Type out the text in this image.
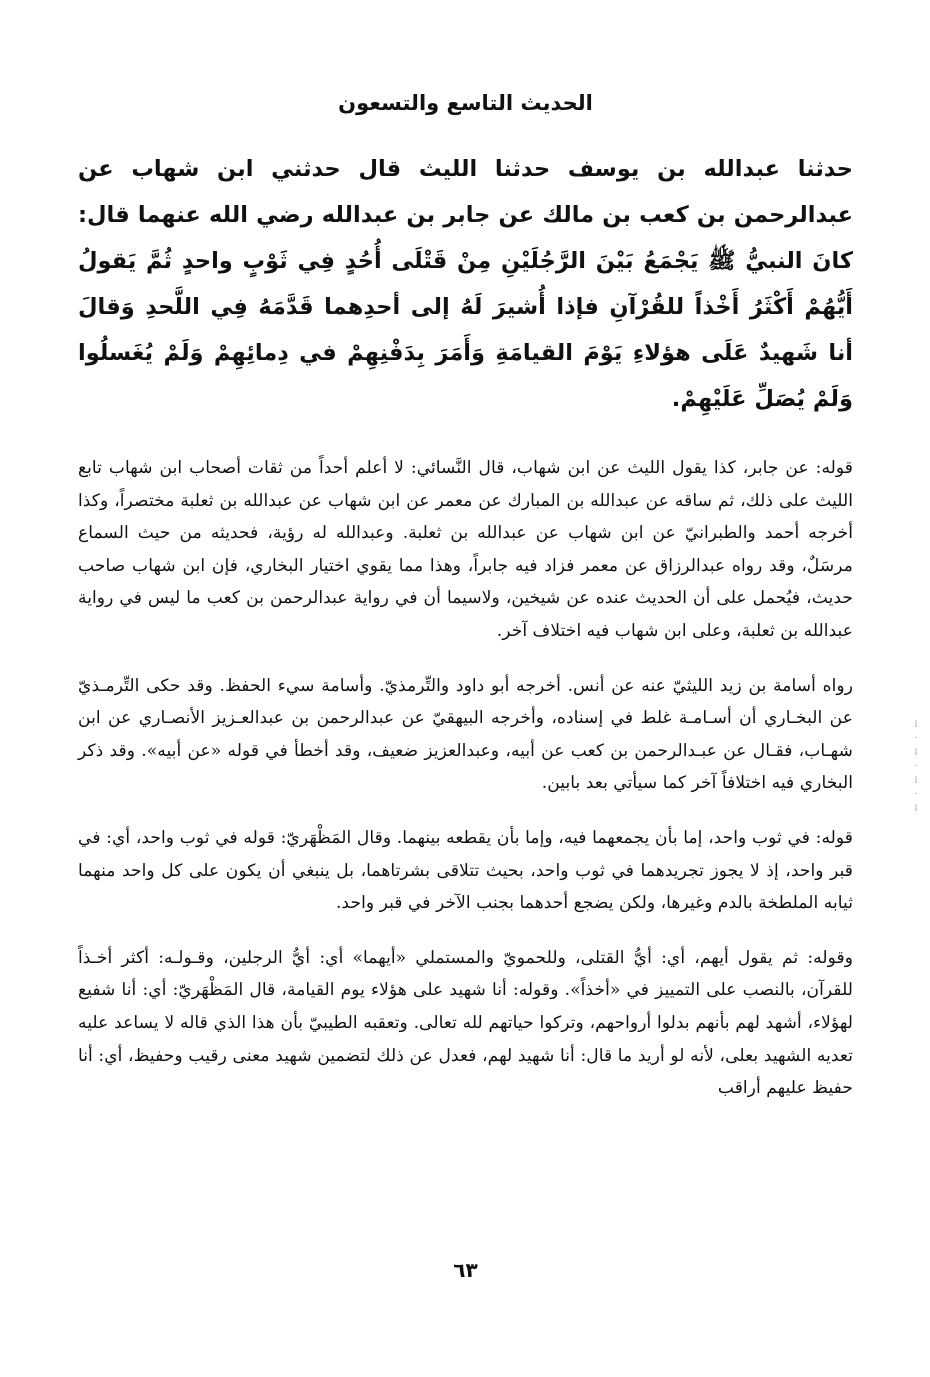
الحديث التاسع والتسعون
حدثنا عبدالله بن يوسف حدثنا الليث قال حدثني ابن شهاب عن عبدالرحمن بن كعب بن مالك عن جابر بن عبدالله رضي الله عنهما قال: كانَ النبيُّ ﷺ يَجْمَعُ بَيْنَ الرَّجُلَيْنِ مِنْ قَتْلَى أُحُدٍ فِي ثَوْبٍ واحدٍ ثُمَّ يَقولُ أَيُّهُمْ أَكْثَرُ أَخْذاً للقُرْآنِ فإذا أُشيرَ لَهُ إلى أحدِهما قَدَّمَهُ فِي اللَّحدِ وَقالَ أنا شَهيدٌ عَلَى هؤلاءِ يَوْمَ القيامَةِ وَأَمَرَ بِدَفْنِهِمْ في دِمائِهِمْ وَلَمْ يُغَسلُوا وَلَمْ يُصَلِّ عَلَيْهِمْ.
قوله: عن جابر، كذا يقول الليث عن ابن شهاب، قال النَّسائي: لا أعلم أحداً من ثقات أصحاب ابن شهاب تابع الليث على ذلك، ثم ساقه عن عبدالله بن المبارك عن معمر عن ابن شهاب عن عبدالله بن ثعلبة مختصراً، وكذا أخرجه أحمد والطبرانيّ عن ابن شهاب عن عبدالله بن ثعلبة. وعبدالله له رؤية، فحديثه من حيث السماع مرسَلٌ، وقد رواه عبدالرزاق عن معمر فزاد فيه جابراً، وهذا مما يقوي اختيار البخاري، فإن ابن شهاب صاحب حديث، فيُحمل على أن الحديث عنده عن شيخين، ولاسيما أن في رواية عبدالرحمن بن كعب ما ليس في رواية عبدالله بن ثعلبة، وعلى ابن شهاب فيه اختلاف آخر.
رواه أسامة بن زيد الليثيّ عنه عن أنس. أخرجه أبو داود والتِّرمذيّ. وأسامة سيء الحفظ. وقد حكى التِّرمـذيّ عن البخـاري أن أسـامـة غلط في إسناده، وأخرجه البيهقيّ عن عبدالرحمن بن عبدالعـزيز الأنصـاري عن ابن شهـاب، فقـال عن عبـدالرحمن بن كعب عن أبيه، وعبدالعزيز ضعيف، وقد أخطأ في قوله «عن أبيه». وقد ذكر البخاري فيه اختلافاً آخر كما سيأتي بعد بابين.
قوله: في ثوب واحد، إما بأن يجمعهما فيه، وإما بأن يقطعه بينهما. وقال المَظْهَريّ: قوله في ثوب واحد، أي: في قبر واحد، إذ لا يجوز تجريدهما في ثوب واحد، بحيث تتلاقى بشرتاهما، بل ينبغي أن يكون على كل واحد منهما ثيابه الملطخة بالدم وغيرها، ولكن يضجع أحدهما بجنب الآخر في قبر واحد.
وقوله: ثم يقول أيهم، أي: أيُّ القتلى، وللحمويّ والمستملي «أيهما» أي: أيُّ الرجلين، وقـولـه: أكثر أخـذاً للقرآن، بالنصب على التمييز في «أخذاً». وقوله: أنا شهيد على هؤلاء يوم القيامة، قال المَظْهَريّ: أي: أنا شفيع لهؤلاء، أشهد لهم بأنهم بدلوا أرواحهم، وتركوا حياتهم لله تعالى. وتعقبه الطيبيّ بأن هذا الذي قاله لا يساعد عليه تعديه الشهيد بعلى، لأنه لو أريد ما قال: أنا شهيد لهم، فعدل عن ذلك لتضمين شهيد معنى رقيب وحفيظ، أي: أنا حفيظ عليهم أراقب
٦٣
⁞
·
⁞
·
⁞
·
⁞
